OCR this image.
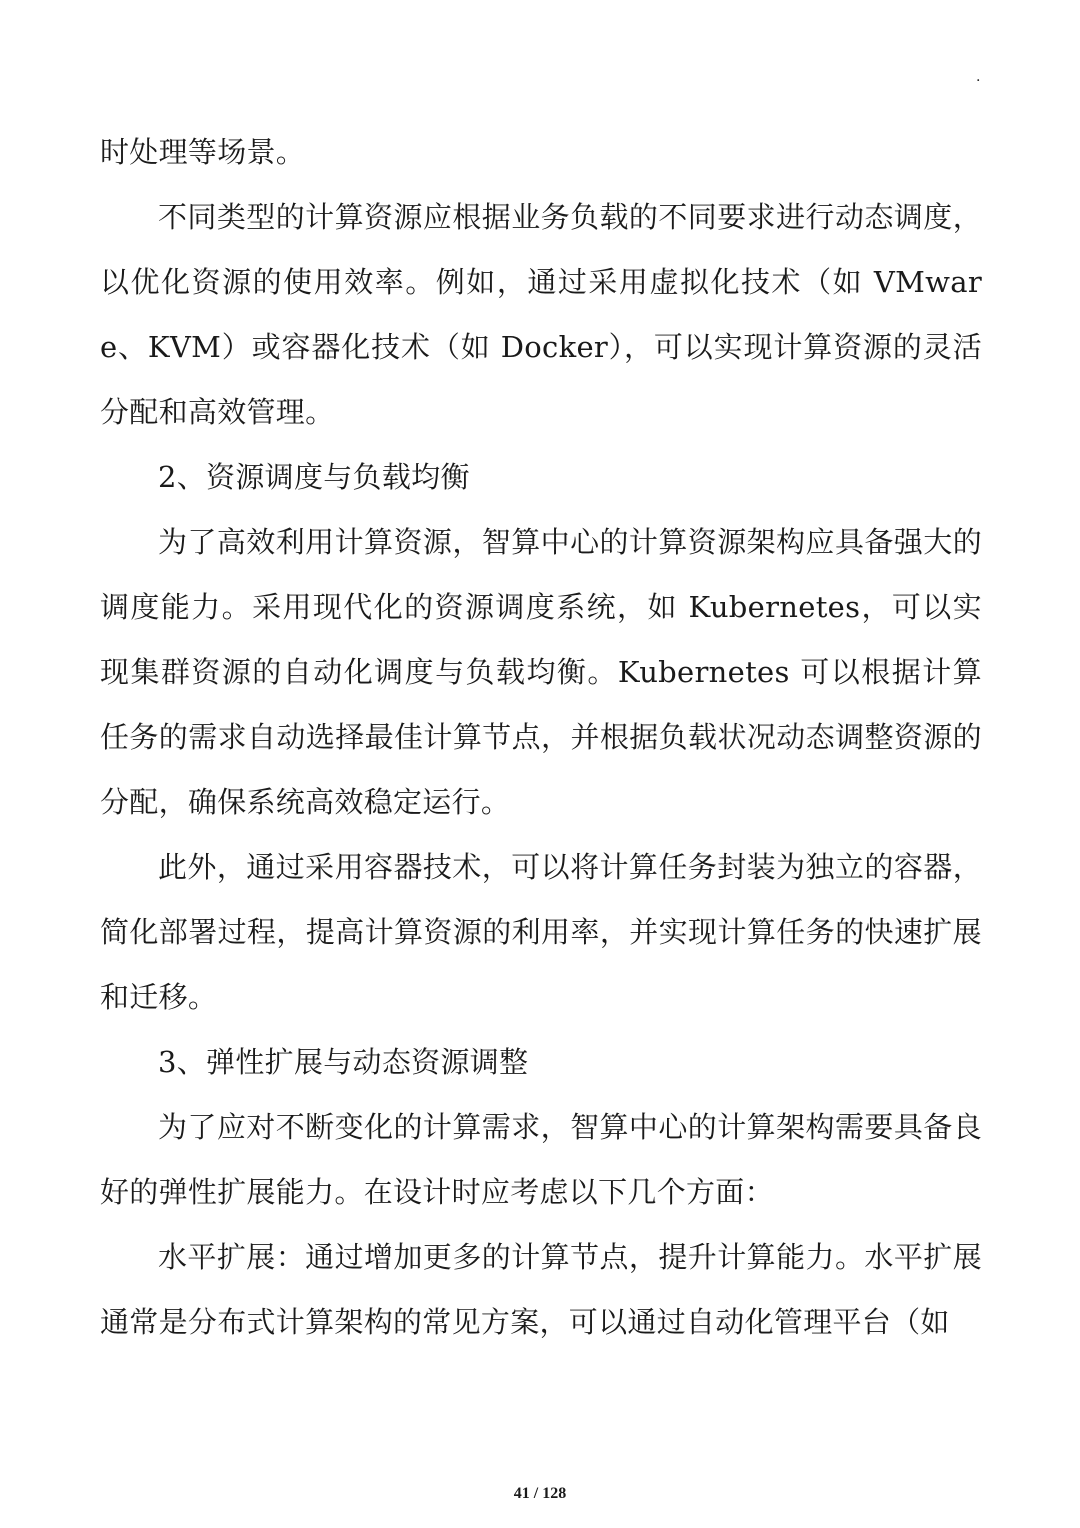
.

时处理等场景。

不同类型的计算资源应根据业务负载的不同要求进行动态调度，以优化资源的使用效率。例如，通过采用虚拟化技术（如 VMware、KVM）或容器化技术（如 Docker），可以实现计算资源的灵活分配和高效管理。

2、资源调度与负载均衡

为了高效利用计算资源，智算中心的计算资源架构应具备强大的调度能力。采用现代化的资源调度系统，如 Kubernetes，可以实现集群资源的自动化调度与负载均衡。Kubernetes 可以根据计算任务的需求自动选择最佳计算节点，并根据负载状况动态调整资源的分配，确保系统高效稳定运行。

此外，通过采用容器技术，可以将计算任务封装为独立的容器，简化部署过程，提高计算资源的利用率，并实现计算任务的快速扩展和迁移。

3、弹性扩展与动态资源调整

为了应对不断变化的计算需求，智算中心的计算架构需要具备良好的弹性扩展能力。在设计时应考虑以下几个方面：

水平扩展：通过增加更多的计算节点，提升计算能力。水平扩展通常是分布式计算架构的常见方案，可以通过自动化管理平台（如

41 / 128
